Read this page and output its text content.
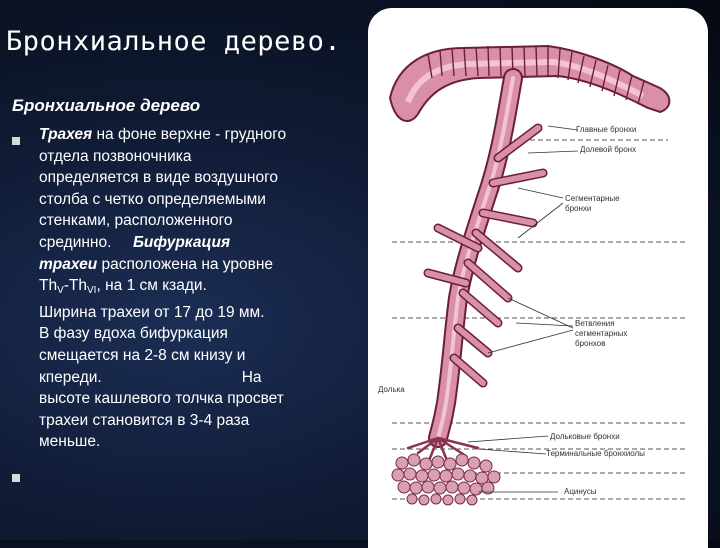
Бронхиальное дерево.
Бронхиальное дерево
Трахея на фоне верхне - грудного
отдела позвоночника
определяется в виде воздушного
столба с четко определяемыми
стенками, расположенного
срединно. Бифуркация
трахеи расположена на уровне
$Th_V-Th_{VI}$, на 1 см кзади.
Ширина трахеи от 17 до 19 мм.
В фазу вдоха бифуркация
смещается на 2-8 см книзу и
кпереди.	На
высоте кашлевого толчка просвет
трахеи становится в 3-4 раза
меньше.
Главные бронхи
Долевой бронх
Сегментарные
бронхи
Ветвления
сегментарных
бронхов
Долька
Дольковые бронхи
Терминальные бронхиолы
Ацинусы
